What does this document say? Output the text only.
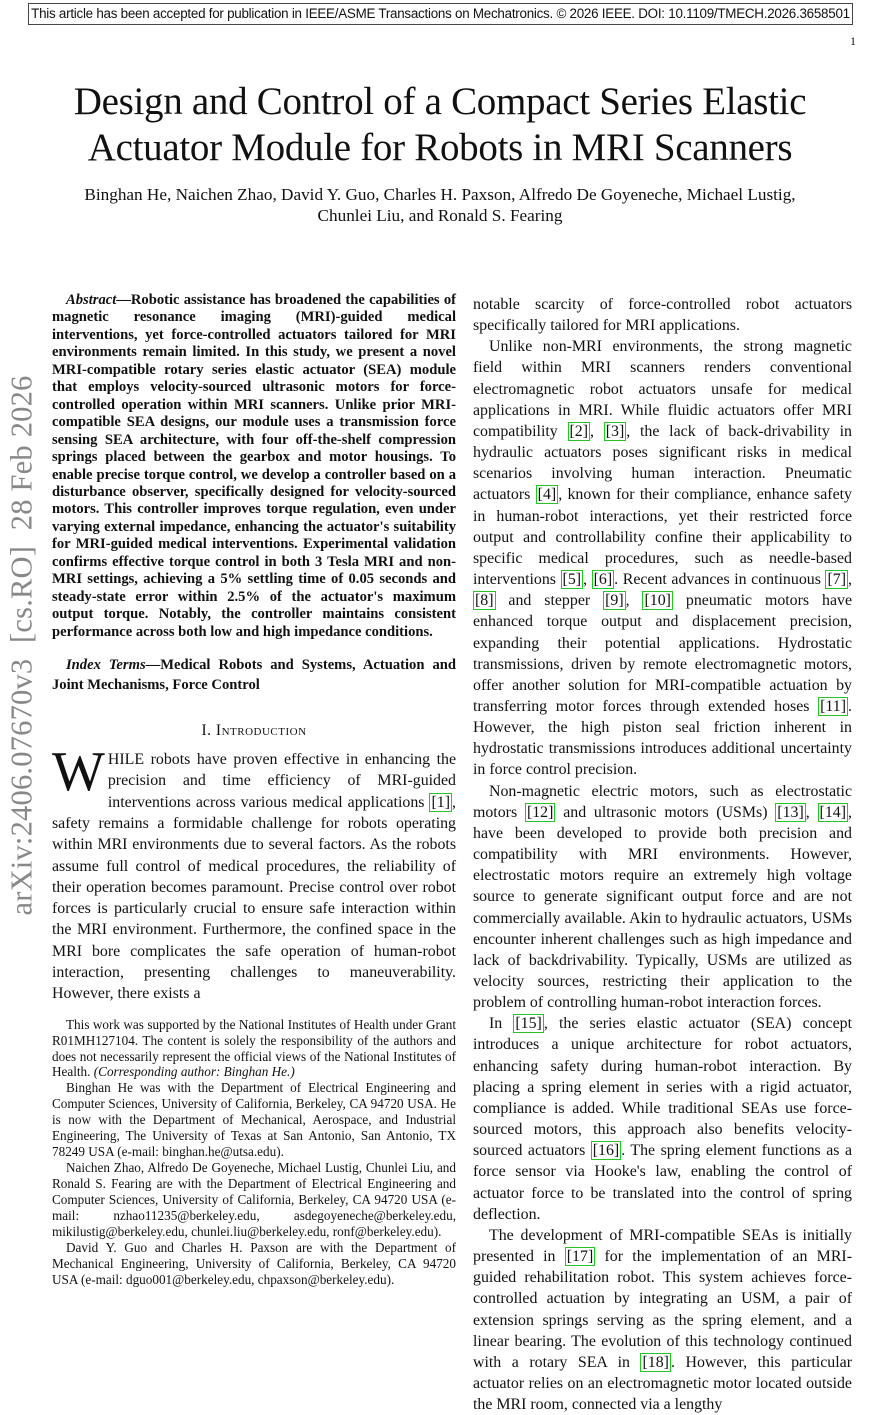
This article has been accepted for publication in IEEE/ASME Transactions on Mechatronics. © 2026 IEEE. DOI: 10.1109/TMECH.2026.3658501
1
arXiv:2406.07670v3  [cs.RO]  28 Feb 2026
Design and Control of a Compact Series Elastic Actuator Module for Robots in MRI Scanners
Binghan He, Naichen Zhao, David Y. Guo, Charles H. Paxson, Alfredo De Goyeneche, Michael Lustig, Chunlei Liu, and Ronald S. Fearing

Abstract—Robotic assistance has broadened the capabilities of magnetic resonance imaging (MRI)-guided medical interventions, yet force-controlled actuators tailored for MRI environments remain limited. In this study, we present a novel MRI-compatible rotary series elastic actuator (SEA) module that employs velocity-sourced ultrasonic motors for force-controlled operation within MRI scanners. Unlike prior MRI-compatible SEA designs, our module uses a transmission force sensing SEA architecture, with four off-the-shelf compression springs placed between the gearbox and motor housings. To enable precise torque control, we develop a controller based on a disturbance observer, specifically designed for velocity-sourced motors. This controller improves torque regulation, even under varying external impedance, enhancing the actuator's suitability for MRI-guided medical interventions. Experimental validation confirms effective torque control in both 3 Tesla MRI and non-MRI settings, achieving a 5% settling time of 0.05 seconds and steady-state error within 2.5% of the actuator's maximum output torque. Notably, the controller maintains consistent performance across both low and high impedance conditions.

Index Terms—Medical Robots and Systems, Actuation and Joint Mechanisms, Force Control

I. Introduction

WHILE robots have proven effective in enhancing the precision and time efficiency of MRI-guided interventions across various medical applications [1] , safety remains a formidable challenge for robots operating within MRI environments due to several factors. As the robots assume full control of medical procedures, the reliability of their operation becomes paramount. Precise control over robot forces is particularly crucial to ensure safe interaction within the MRI environment. Furthermore, the confined space in the MRI bore complicates the safe operation of human-robot interaction, presenting challenges to maneuverability. However, there exists a

This work was supported by the National Institutes of Health under Grant R01MH127104. The content is solely the responsibility of the authors and does not necessarily represent the official views of the National Institutes of Health. (Corresponding author: Binghan He.)

Binghan He was with the Department of Electrical Engineering and Computer Sciences, University of California, Berkeley, CA 94720 USA. He is now with the Department of Mechanical, Aerospace, and Industrial Engineering, The University of Texas at San Antonio, San Antonio, TX 78249 USA (e-mail: binghan.he@utsa.edu).

Naichen Zhao, Alfredo De Goyeneche, Michael Lustig, Chunlei Liu, and Ronald S. Fearing are with the Department of Electrical Engineering and Computer Sciences, University of California, Berkeley, CA 94720 USA (e-mail: nzhao11235@berkeley.edu, asdegoyeneche@berkeley.edu, mikilustig@berkeley.edu, chunlei.liu@berkeley.edu, ronf@berkeley.edu).

David Y. Guo and Charles H. Paxson are with the Department of Mechanical Engineering, University of California, Berkeley, CA 94720 USA (e-mail: dguo001@berkeley.edu, chpaxson@berkeley.edu).

notable scarcity of force-controlled robot actuators specifically tailored for MRI applications.

Unlike non-MRI environments, the strong magnetic field within MRI scanners renders conventional electromagnetic robot actuators unsafe for medical applications in MRI. While fluidic actuators offer MRI compatibility [2] , [3] , the lack of back-drivability in hydraulic actuators poses significant risks in medical scenarios involving human interaction. Pneumatic actuators [4] , known for their compliance, enhance safety in human-robot interactions, yet their restricted force output and controllability confine their applicability to specific medical procedures, such as needle-based interventions [5] , [6] . Recent advances in continuous [7] , [8] and stepper [9] , [10] pneumatic motors have enhanced torque output and displacement precision, expanding their potential applications. Hydrostatic transmissions, driven by remote electromagnetic motors, offer another solution for MRI-compatible actuation by transferring motor forces through extended hoses [11] . However, the high piston seal friction inherent in hydrostatic transmissions introduces additional uncertainty in force control precision.

Non-magnetic electric motors, such as electrostatic motors [12] and ultrasonic motors (USMs) [13] , [14] , have been developed to provide both precision and compatibility with MRI environments. However, electrostatic motors require an extremely high voltage source to generate significant output force and are not commercially available. Akin to hydraulic actuators, USMs encounter inherent challenges such as high impedance and lack of backdrivability. Typically, USMs are utilized as velocity sources, restricting their application to the problem of controlling human-robot interaction forces.

In [15] , the series elastic actuator (SEA) concept introduces a unique architecture for robot actuators, enhancing safety during human-robot interaction. By placing a spring element in series with a rigid actuator, compliance is added. While traditional SEAs use force-sourced motors, this approach also benefits velocity-sourced actuators [16] . The spring element functions as a force sensor via Hooke's law, enabling the control of actuator force to be translated into the control of spring deflection.

The development of MRI-compatible SEAs is initially presented in [17] for the implementation of an MRI-guided rehabilitation robot. This system achieves force-controlled actuation by integrating an USM, a pair of extension springs serving as the spring element, and a linear bearing. The evolution of this technology continued with a rotary SEA in [18] . However, this particular actuator relies on an electromagnetic motor located outside the MRI room, connected via a lengthy
